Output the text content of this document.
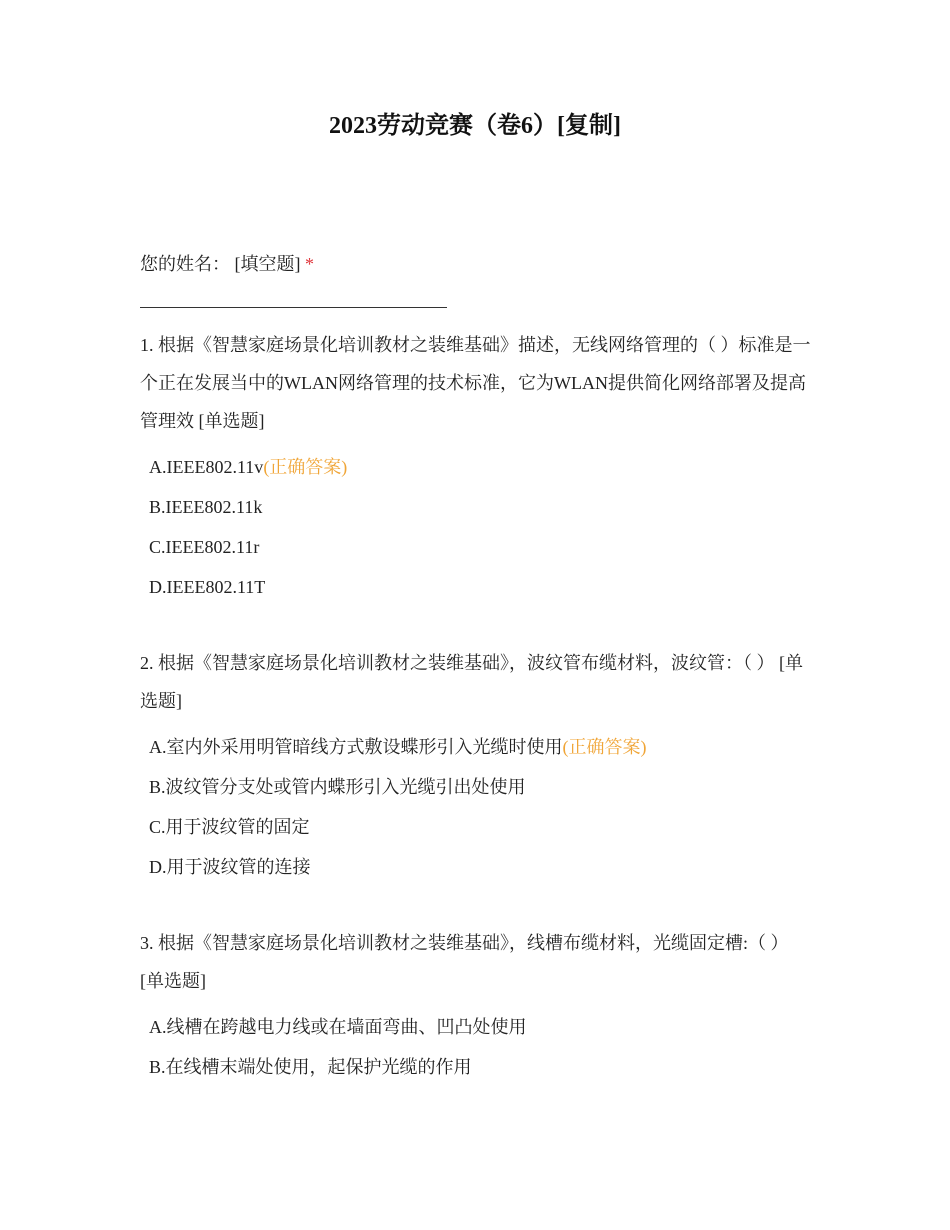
2023劳动竞赛（卷6）[复制]
您的姓名： [填空题] *

1. 根据《智慧家庭场景化培训教材之装维基础》描述，无线网络管理的（ ）标准是一个正在发展当中的WLAN网络管理的技术标准，它为WLAN提供简化网络部署及提高管理效 [单选题]

A.IEEE802.11v(正确答案)
B.IEEE802.11k
C.IEEE802.11r
D.IEEE802.11T

2. 根据《智慧家庭场景化培训教材之装维基础》，波纹管布缆材料，波纹管：（ ） [单选题]

A.室内外采用明管暗线方式敷设蝶形引入光缆时使用(正确答案)
B.波纹管分支处或管内蝶形引入光缆引出处使用
C.用于波纹管的固定
D.用于波纹管的连接

3. 根据《智慧家庭场景化培训教材之装维基础》，线槽布缆材料，光缆固定槽:（ ） [单选题]

A.线槽在跨越电力线或在墙面弯曲、凹凸处使用
B.在线槽末端处使用，起保护光缆的作用
